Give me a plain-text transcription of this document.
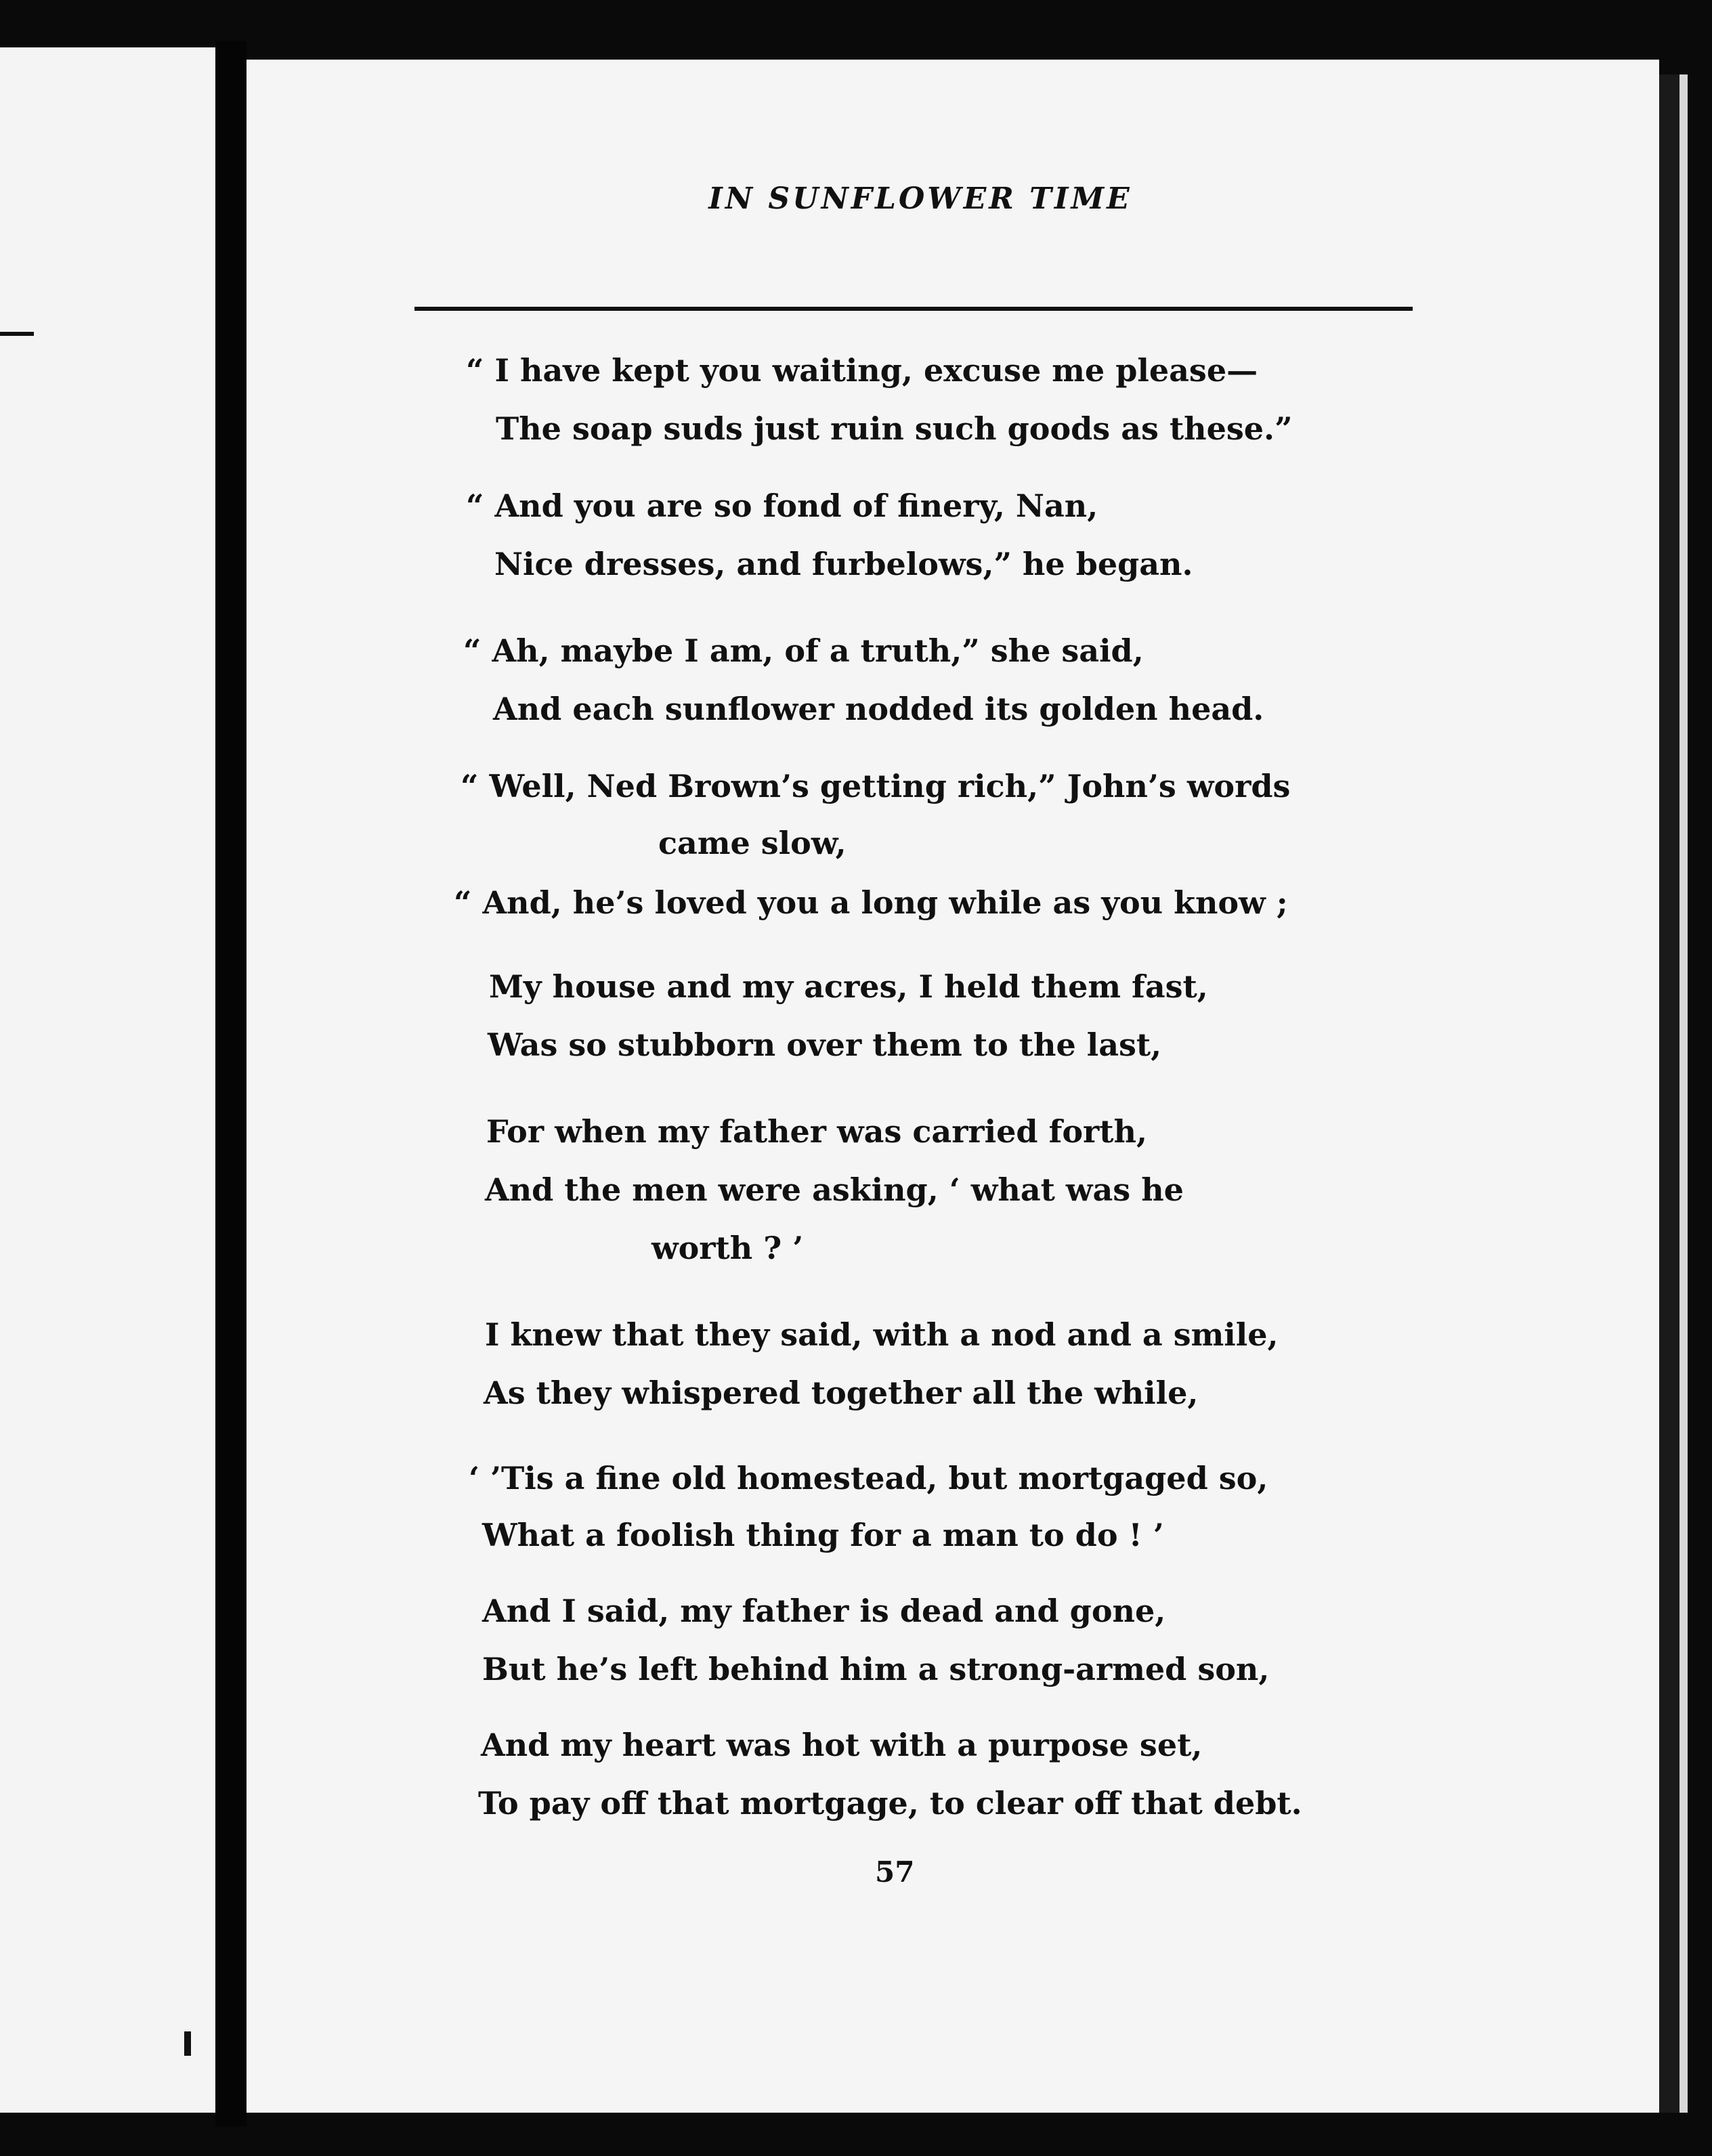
IN SUNFLOWER TIME
“ I have kept you waiting, excuse me please—
The soap suds just ruin such goods as these.”
“ And you are so fond of finery, Nan,
Nice dresses, and furbelows,” he began.
“ Ah, maybe I am, of a truth,” she said,
And each sunflower nodded its golden head.
“ Well, Ned Brown’s getting rich,” John’s words
came slow,
“ And, he’s loved you a long while as you know ;
My house and my acres, I held them fast,
Was so stubborn over them to the last,
For when my father was carried forth,
And the men were asking, ‘ what was he
worth ? ’
I knew that they said, with a nod and a smile,
As they whispered together all the while,
‘ ’Tis a fine old homestead, but mortgaged so,
What a foolish thing for a man to do ! ’
And I said, my father is dead and gone,
But he’s left behind him a strong-armed son,
And my heart was hot with a purpose set,
To pay off that mortgage, to clear off that debt.
57
